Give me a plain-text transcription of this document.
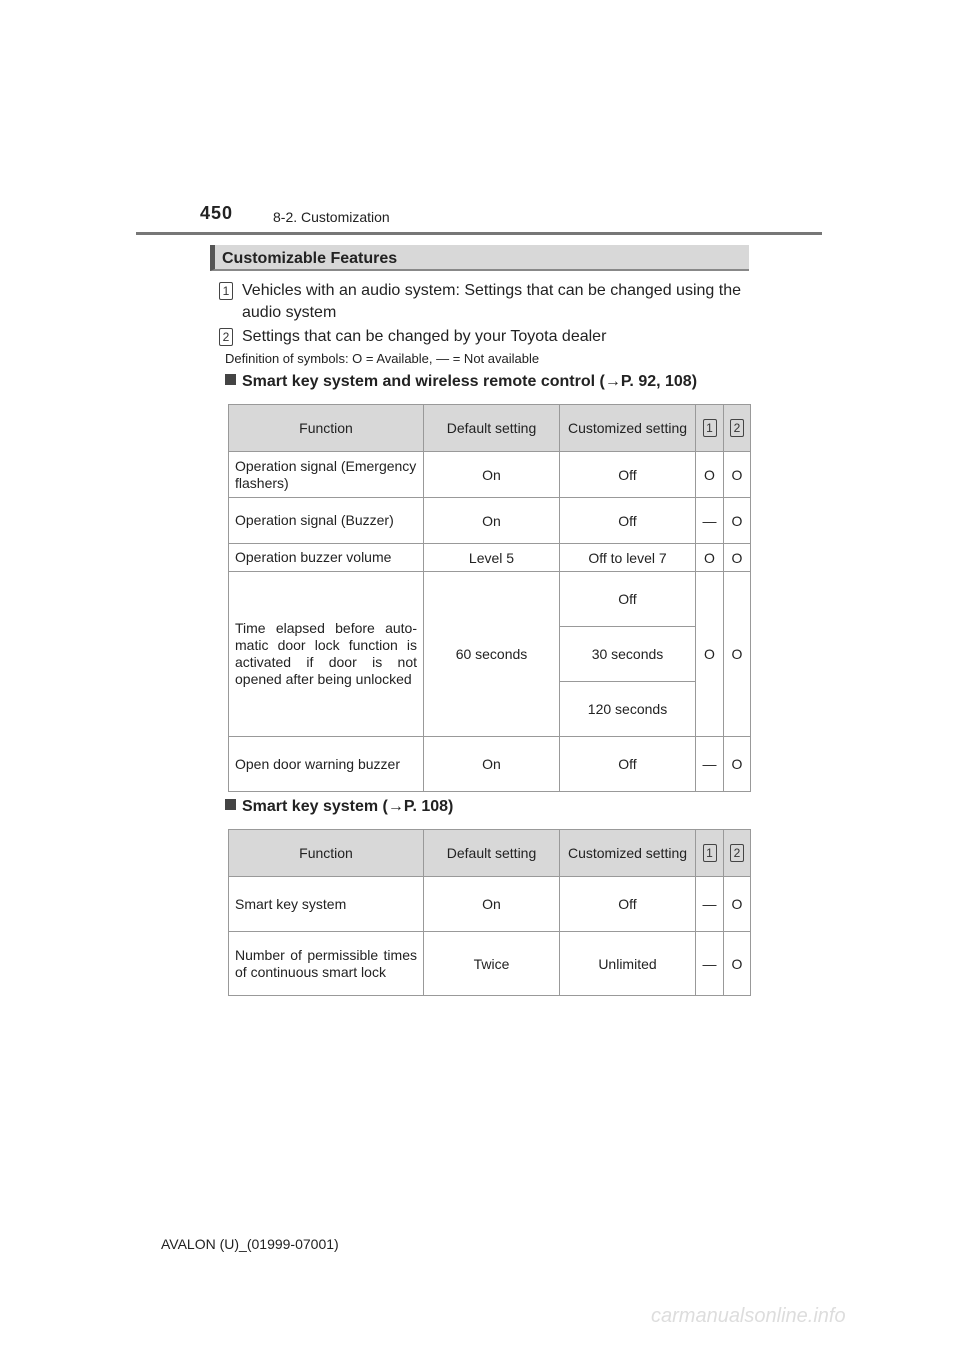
450	8-2. Customization
Customizable Features
1 Vehicles with an audio system: Settings that can be changed using the audio system
2 Settings that can be changed by your Toyota dealer
Definition of symbols: O = Available, — = Not available
Smart key system and wireless remote control (→P. 92, 108)
Function	Default setting	Customized setting	1	2
Operation signal (Emergency flashers)	On	Off	O	O
Operation signal (Buzzer)	On	Off	—	O
Operation buzzer volume	Level 5	Off to level 7	O	O
Time elapsed before auto-matic door lock function is activated if door is not opened after being unlocked	60 seconds	Off	O	O
		30 seconds		
		120 seconds		
Open door warning buzzer	On	Off	—	O
Smart key system (→P. 108)
Function	Default setting	Customized setting	1	2
Smart key system	On	Off	—	O
Number of permissible times of continuous smart lock	Twice	Unlimited	—	O
AVALON (U)_(01999-07001)
carmanualsonline.info
